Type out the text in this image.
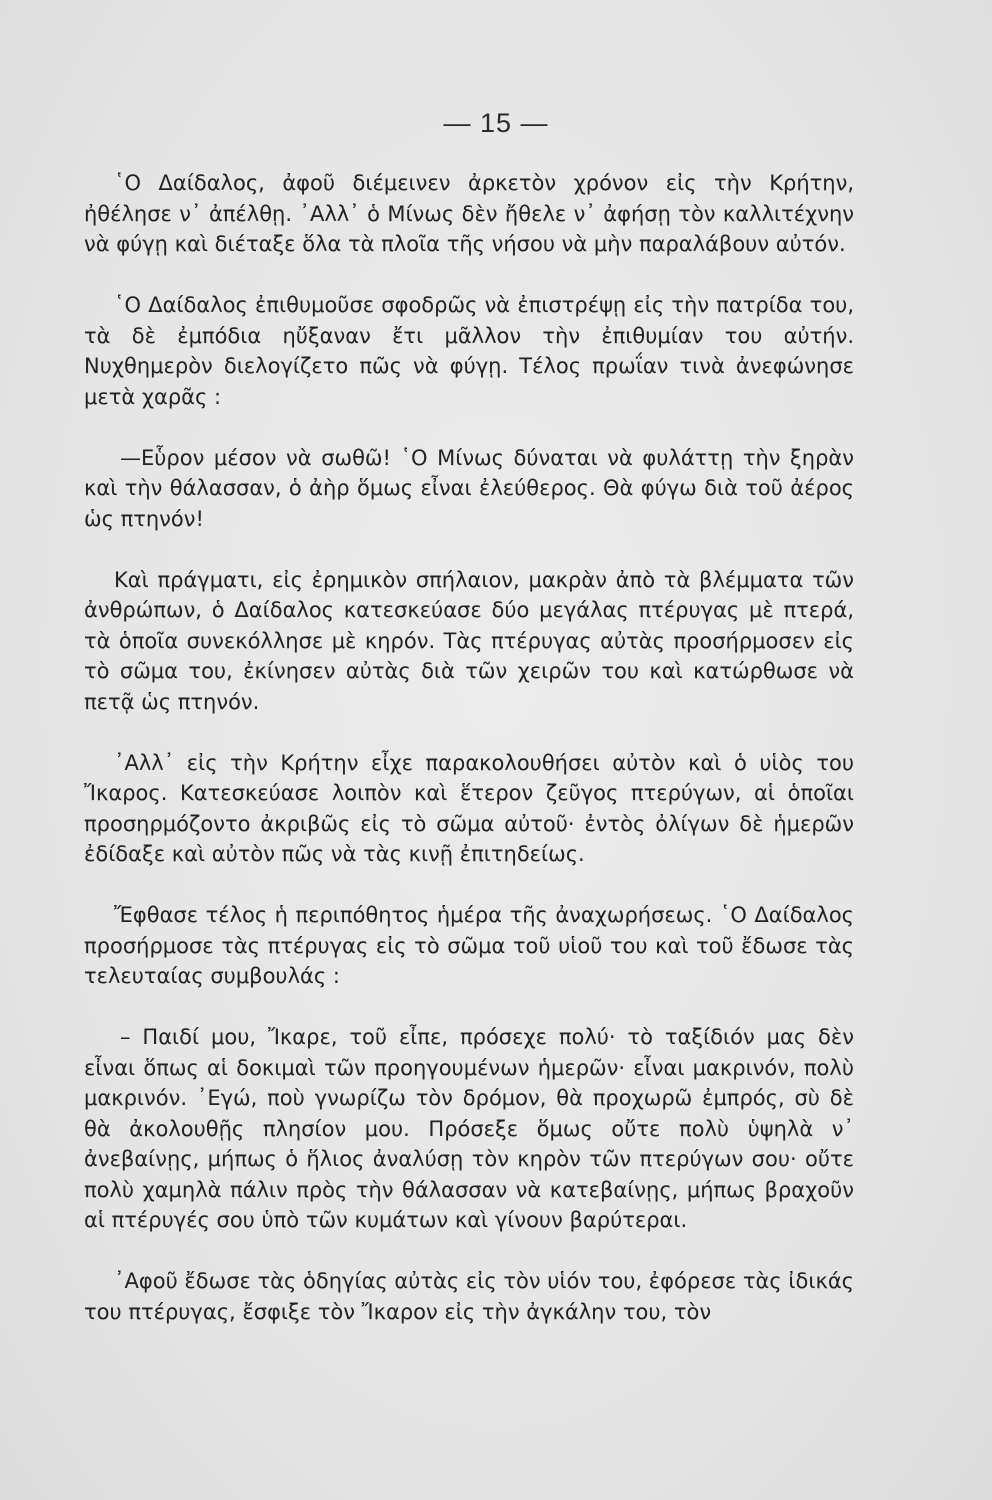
— 15 —

῾Ο Δαίδαλος, ἀφοῦ διέμεινεν ἀρκετὸν χρόνον εἰς τὴν Κρήτην, ἠθέλησε ν᾿ ἀπέλθῃ. ᾿Αλλ᾿ ὁ Μίνως δὲν ἤθελε ν᾿ ἀφήσῃ τὸν καλλιτέχνην νὰ φύγῃ καὶ διέταξε ὅλα τὰ πλοῖα τῆς νήσου νὰ μὴν παραλάβουν αὐτόν.

῾Ο Δαίδαλος ἐπιθυμοῦσε σφοδρῶς νὰ ἐπιστρέψῃ εἰς τὴν πατρίδα του, τὰ δὲ ἐμπόδια ηὔξαναν ἔτι μᾶλλον τὴν ἐπιθυμίαν του αὐτήν. Νυχθημερὸν διελογίζετο πῶς νὰ φύγῃ. Τέλος πρωΐαν τινὰ ἀνεφώνησε μετὰ χαρᾶς :

—Εὗρον μέσον νὰ σωθῶ! ῾Ο Μίνως δύναται νὰ φυλάττῃ τὴν ξηρὰν καὶ τὴν θάλασσαν, ὁ ἀὴρ ὅμως εἶναι ἐλεύθερος. Θὰ φύγω διὰ τοῦ ἀέρος ὡς πτηνόν!

Καὶ πράγματι, εἰς ἐρημικὸν σπήλαιον, μακρὰν ἀπὸ τὰ βλέμματα τῶν ἀνθρώπων, ὁ Δαίδαλος κατεσκεύασε δύο μεγάλας πτέρυγας μὲ πτερά, τὰ ὁποῖα συνεκόλλησε μὲ κηρόν. Τὰς πτέρυγας αὐτὰς προσήρμοσεν εἰς τὸ σῶμα του, ἐκίνησεν αὐτὰς διὰ τῶν χειρῶν του καὶ κατώρθωσε νὰ πετᾷ ὡς πτηνόν.

᾿Αλλ᾿ εἰς τὴν Κρήτην εἶχε παρακολουθήσει αὐτὸν καὶ ὁ υἱὸς του Ἴκαρος. Κατεσκεύασε λοιπὸν καὶ ἕτερον ζεῦγος πτερύγων, αἱ ὁποῖαι προσηρμόζοντο ἀκριβῶς εἰς τὸ σῶμα αὐτοῦ· ἐντὸς ὀλίγων δὲ ἡμερῶν ἐδίδαξε καὶ αὐτὸν πῶς νὰ τὰς κινῇ ἐπιτηδείως.

Ἔφθασε τέλος ἡ περιπόθητος ἡμέρα τῆς ἀναχωρήσεως. ῾Ο Δαίδαλος προσήρμοσε τὰς πτέρυγας εἰς τὸ σῶμα τοῦ υἱοῦ του καὶ τοῦ ἔδωσε τὰς τελευταίας συμβουλάς :

– Παιδί μου, Ἴκαρε, τοῦ εἶπε, πρόσεχε πολύ· τὸ ταξίδιόν μας δὲν εἶναι ὅπως αἱ δοκιμαὶ τῶν προηγουμένων ἡμερῶν· εἶναι μακρινόν, πολὺ μακρινόν. ᾿Εγώ, ποὺ γνωρίζω τὸν δρόμον, θὰ προχωρῶ ἐμπρός, σὺ δὲ θὰ ἀκολουθῇς πλησίον μου. Πρόσεξε ὅμως οὔτε πολὺ ὑψηλὰ ν᾿ ἀνεβαίνῃς, μήπως ὁ ἥλιος ἀναλύσῃ τὸν κηρὸν τῶν πτερύγων σου· οὔτε πολὺ χαμηλὰ πάλιν πρὸς τὴν θάλασσαν νὰ κατεβαίνῃς, μήπως βραχοῦν αἱ πτέρυγές σου ὑπὸ τῶν κυμάτων καὶ γίνουν βαρύτεραι.

᾿Αφοῦ ἔδωσε τὰς ὁδηγίας αὐτὰς εἰς τὸν υἱόν του, ἐφόρεσε τὰς ἰδικάς του πτέρυγας, ἔσφιξε τὸν Ἴκαρον εἰς τὴν ἀγκάλην του, τὸν
